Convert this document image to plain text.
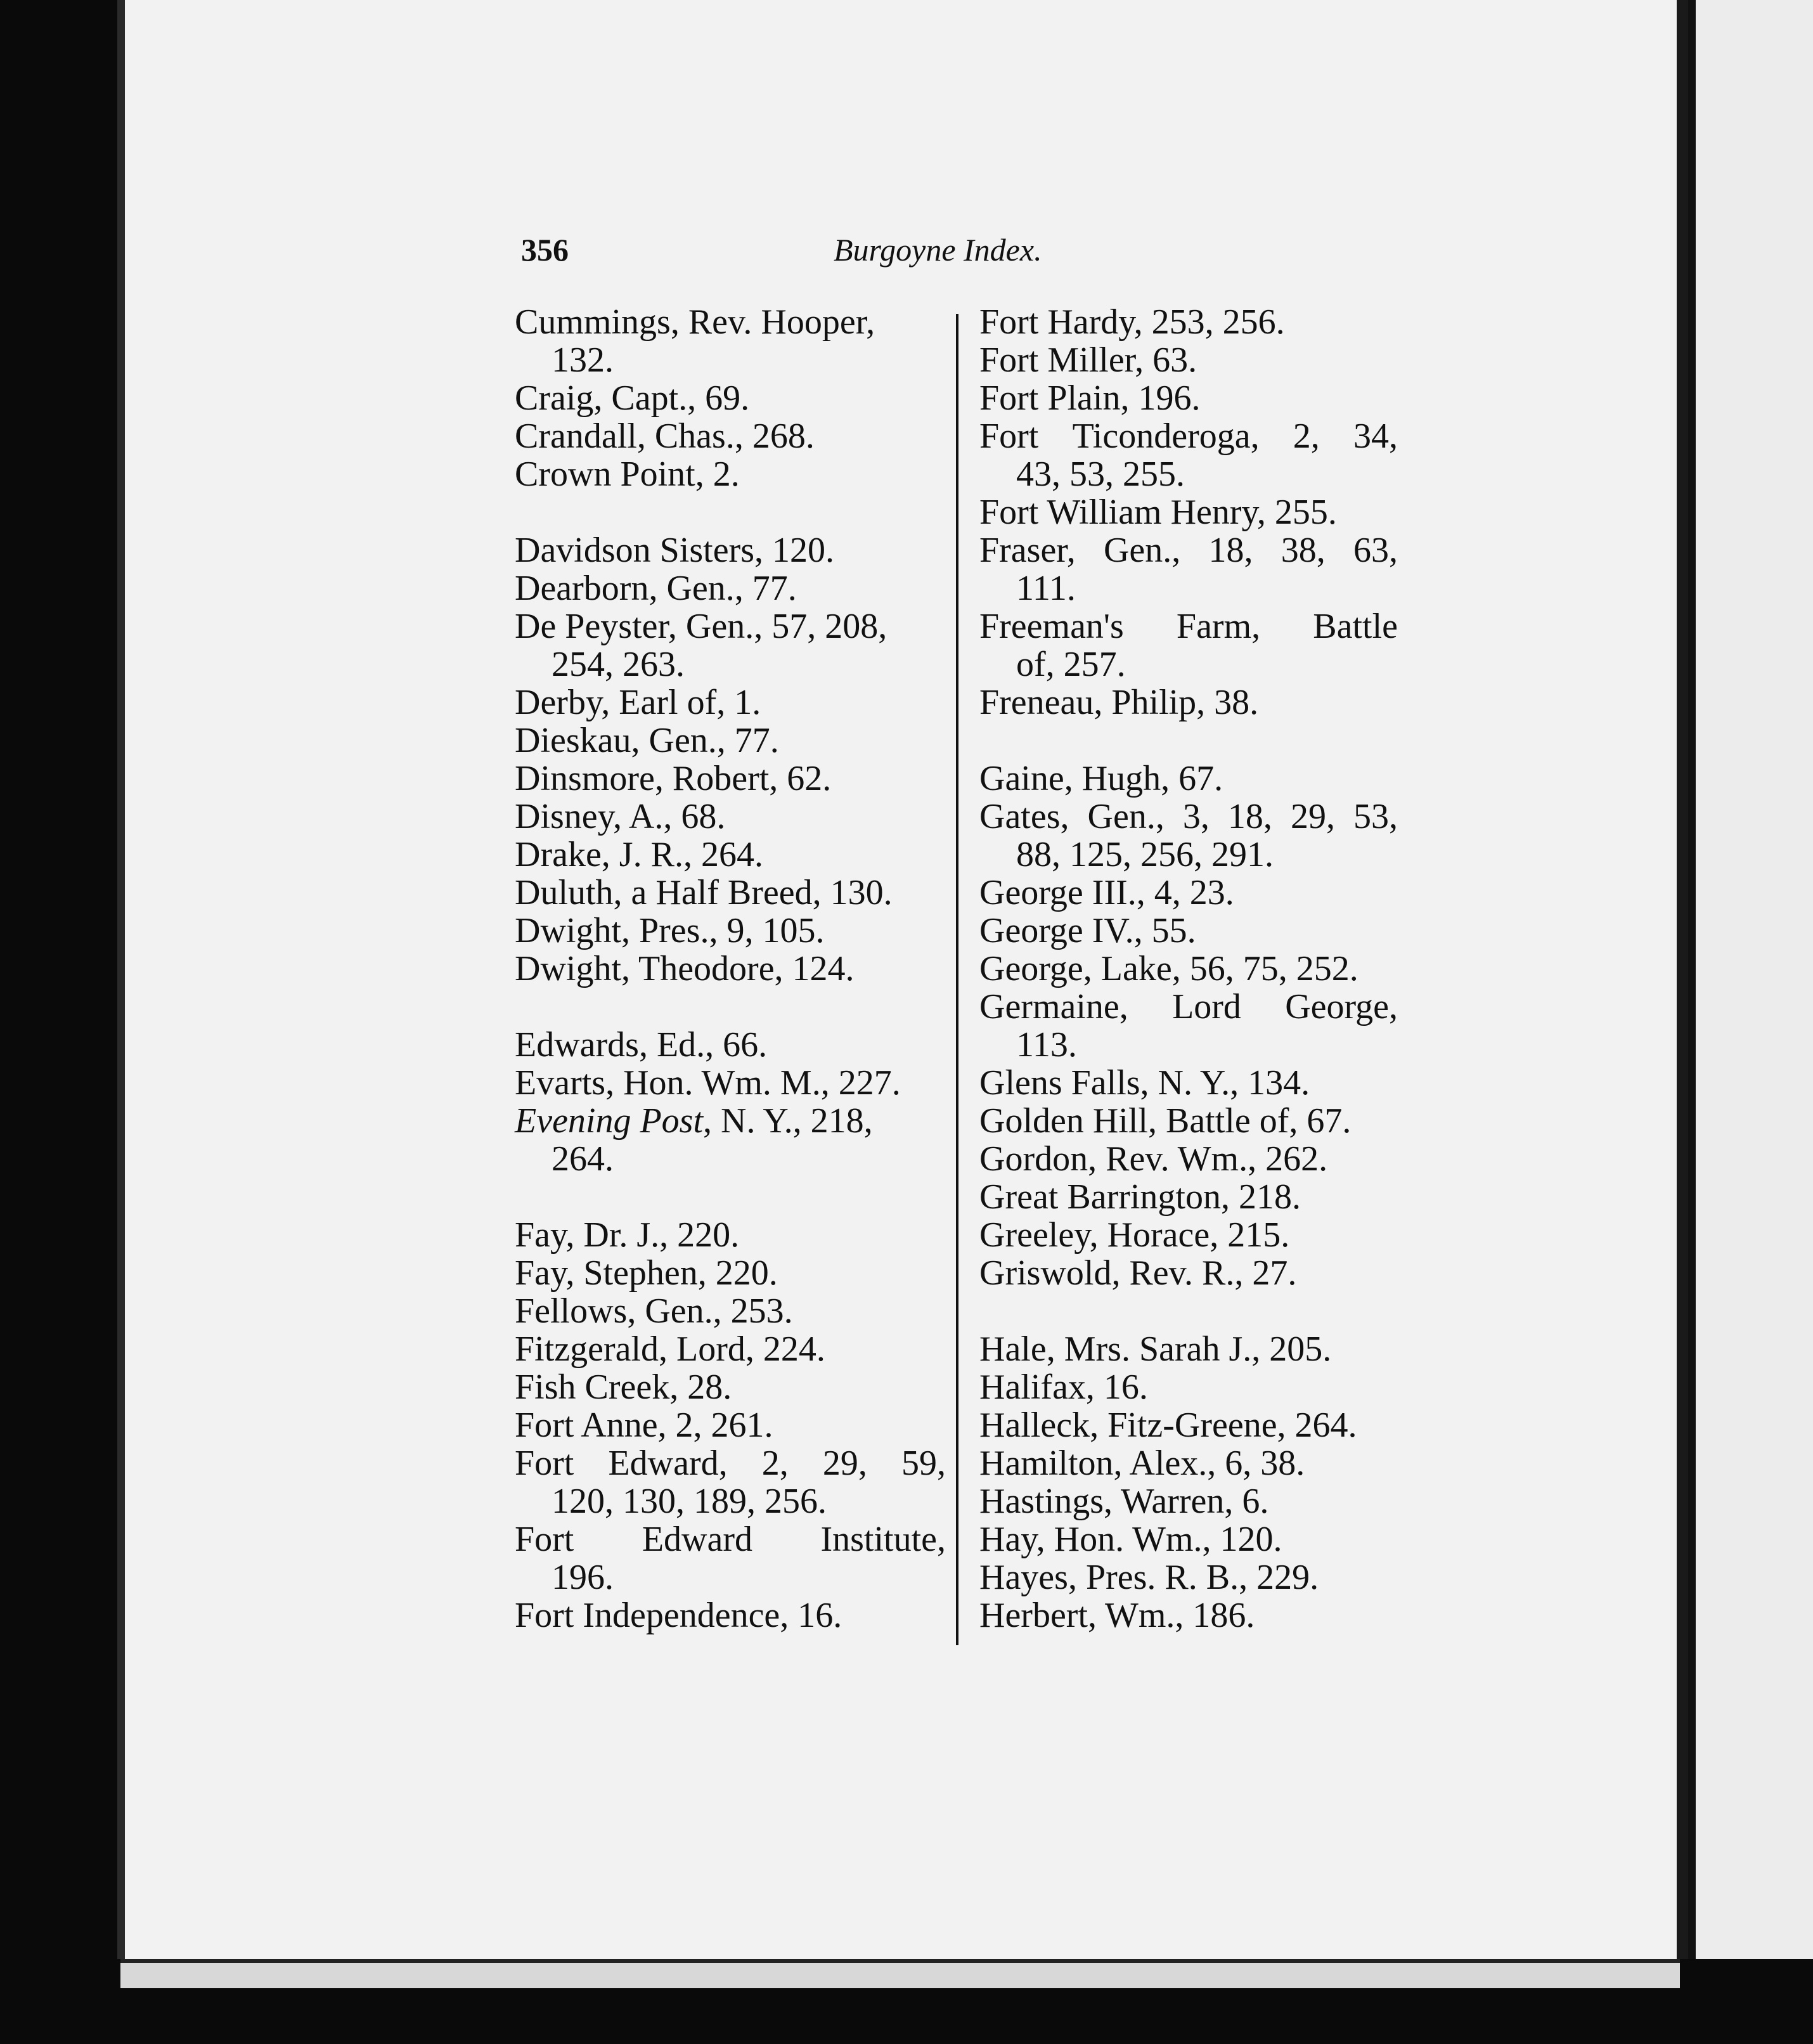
356	Burgoyne Index.
Cummings, Rev. Hooper,
132.
Craig, Capt., 69.
Crandall, Chas., 268.
Crown Point, 2.
Davidson Sisters, 120.
Dearborn, Gen., 77.
De Peyster, Gen., 57, 208,
254, 263.
Derby, Earl of, 1.
Dieskau, Gen., 77.
Dinsmore, Robert, 62.
Disney, A., 68.
Drake, J. R., 264.
Duluth, a Half Breed, 130.
Dwight, Pres., 9, 105.
Dwight, Theodore, 124.
Edwards, Ed., 66.
Evarts, Hon. Wm. M., 227.
Evening Post, N. Y., 218,
264.
Fay, Dr. J., 220.
Fay, Stephen, 220.
Fellows, Gen., 253.
Fitzgerald, Lord, 224.
Fish Creek, 28.
Fort Anne, 2, 261.
Fort Edward, 2, 29, 59,
120, 130, 189, 256.
Fort Edward Institute,
196.
Fort Independence, 16.
Fort Hardy, 253, 256.
Fort Miller, 63.
Fort Plain, 196.
Fort Ticonderoga, 2, 34,
43, 53, 255.
Fort William Henry, 255.
Fraser, Gen., 18, 38, 63,
111.
Freeman's Farm, Battle
of, 257.
Freneau, Philip, 38.
Gaine, Hugh, 67.
Gates, Gen., 3, 18, 29, 53,
88, 125, 256, 291.
George III., 4, 23.
George IV., 55.
George, Lake, 56, 75, 252.
Germaine, Lord George,
113.
Glens Falls, N. Y., 134.
Golden Hill, Battle of, 67.
Gordon, Rev. Wm., 262.
Great Barrington, 218.
Greeley, Horace, 215.
Griswold, Rev. R., 27.
Hale, Mrs. Sarah J., 205.
Halifax, 16.
Halleck, Fitz-Greene, 264.
Hamilton, Alex., 6, 38.
Hastings, Warren, 6.
Hay, Hon. Wm., 120.
Hayes, Pres. R. B., 229.
Herbert, Wm., 186.
